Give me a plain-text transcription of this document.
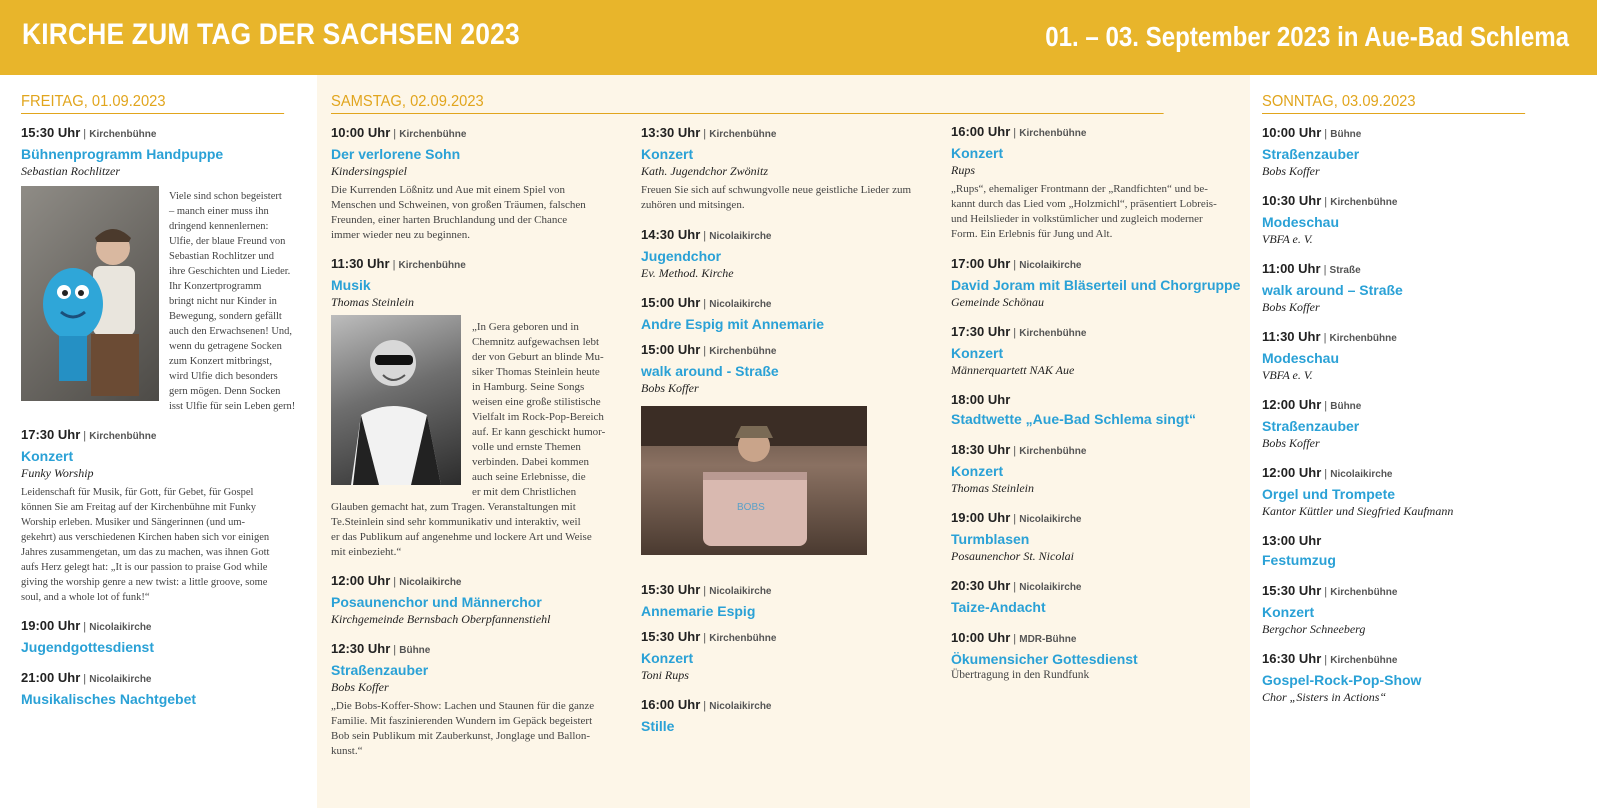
KIRCHE ZUM TAG DER SACHSEN 2023	01. – 03. September 2023 in Aue-Bad Schlema
FREITAG, 01.09.2023
15:30 Uhr | Kirchenbühne
Bühnenprogramm Handpuppe
Sebastian Rochlitzer
Viele sind schon begeistert
– manch einer muss ihn
dringend kennenlernen:
Ulfie, der blaue Freund von
Sebastian Rochlitzer und
ihre Geschichten und Lieder.
Ihr Konzertprogramm
bringt nicht nur Kinder in
Bewegung, sondern gefällt
auch den Erwachsenen! Und,
wenn du getragene Socken
zum Konzert mitbringst,
wird Ulfie dich besonders
gern mögen. Denn Socken
isst Ulfie für sein Leben gern!
17:30 Uhr | Kirchenbühne
Konzert
Funky Worship
Leidenschaft für Musik, für Gott, für Gebet, für Gospel
können Sie am Freitag auf der Kirchenbühne mit Funky
Worship erleben. Musiker und Sängerinnen (und um-
gekehrt) aus verschiedenen Kirchen haben sich vor einigen
Jahres zusammengetan, um das zu machen, was ihnen Gott
aufs Herz gelegt hat: „It is our passion to praise God while
giving the worship genre a new twist: a little groove, some
soul, and a whole lot of funk!“
19:00 Uhr | Nicolaikirche
Jugendgottesdienst
21:00 Uhr | Nicolaikirche
Musikalisches Nachtgebet
SAMSTAG, 02.09.2023
10:00 Uhr | Kirchenbühne
Der verlorene Sohn
Kindersingspiel
Die Kurrenden Lößnitz und Aue mit einem Spiel von
Menschen und Schweinen, von großen Träumen, falschen
Freunden, einer harten Bruchlandung und der Chance
immer wieder neu zu beginnen.
11:30 Uhr | Kirchenbühne
Musik
Thomas Steinlein
„In Gera geboren und in
Chemnitz aufgewachsen lebt
der von Geburt an blinde Mu-
siker Thomas Steinlein heute
in Hamburg. Seine Songs
weisen eine große stilistische
Vielfalt im Rock-Pop-Bereich
auf. Er kann geschickt humor-
volle und ernste Themen
verbinden. Dabei kommen
auch seine Erlebnisse, die
er mit dem Christlichen
Glauben gemacht hat, zum Tragen. Veranstaltungen mit
Te.Steinlein sind sehr kommunikativ und interaktiv, weil
er das Publikum auf angenehme und lockere Art und Weise
mit einbezieht.“
12:00 Uhr | Nicolaikirche
Posaunenchor und Männerchor
Kirchgemeinde Bernsbach Oberpfannenstiehl
12:30 Uhr | Bühne
Straßenzauber
Bobs Koffer
„Die Bobs-Koffer-Show: Lachen und Staunen für die ganze
Familie. Mit faszinierenden Wundern im Gepäck begeistert
Bob sein Publikum mit Zauberkunst, Jonglage und Ballon-
kunst.“
13:30 Uhr | Kirchenbühne
Konzert
Kath. Jugendchor Zwönitz
Freuen Sie sich auf schwungvolle neue geistliche Lieder zum
zuhören und mitsingen.
14:30 Uhr | Nicolaikirche
Jugendchor
Ev. Method. Kirche
15:00 Uhr | Nicolaikirche
Andre Espig mit Annemarie
15:00 Uhr | Kirchenbühne
walk around - Straße
Bobs Koffer
15:30 Uhr | Nicolaikirche
Annemarie Espig
15:30 Uhr | Kirchenbühne
Konzert
Toni Rups
16:00 Uhr | Nicolaikirche
Stille
16:00 Uhr | Kirchenbühne
Konzert
Rups
„Rups“, ehemaliger Frontmann der „Randfichten“ und be-
kannt durch das Lied vom „Holzmichl“, präsentiert Lobreis-
und Heilslieder in volkstümlicher und zugleich moderner
Form. Ein Erlebnis für Jung und Alt.
17:00 Uhr | Nicolaikirche
David Joram mit Bläserteil und Chorgruppe
Gemeinde Schönau
17:30 Uhr | Kirchenbühne
Konzert
Männerquartett NAK Aue
18:00 Uhr
Stadtwette „Aue-Bad Schlema singt“
18:30 Uhr | Kirchenbühne
Konzert
Thomas Steinlein
19:00 Uhr | Nicolaikirche
Turmblasen
Posaunenchor St. Nicolai
20:30 Uhr | Nicolaikirche
Taize-Andacht
10:00 Uhr | MDR-Bühne
Ökumensicher Gottesdienst
Übertragung in den Rundfunk
SONNTAG, 03.09.2023
10:00 Uhr | Bühne
Straßenzauber
Bobs Koffer
10:30 Uhr | Kirchenbühne
Modeschau
VBFA e. V.
11:00 Uhr | Straße
walk around – Straße
Bobs Koffer
11:30 Uhr | Kirchenbühne
Modeschau
VBFA e. V.
12:00 Uhr | Bühne
Straßenzauber
Bobs Koffer
12:00 Uhr | Nicolaikirche
Orgel und Trompete
Kantor Küttler und Siegfried Kaufmann
13:00 Uhr
Festumzug
15:30 Uhr | Kirchenbühne
Konzert
Bergchor Schneeberg
16:30 Uhr | Kirchenbühne
Gospel-Rock-Pop-Show
Chor „Sisters in Actions“
BOBS
